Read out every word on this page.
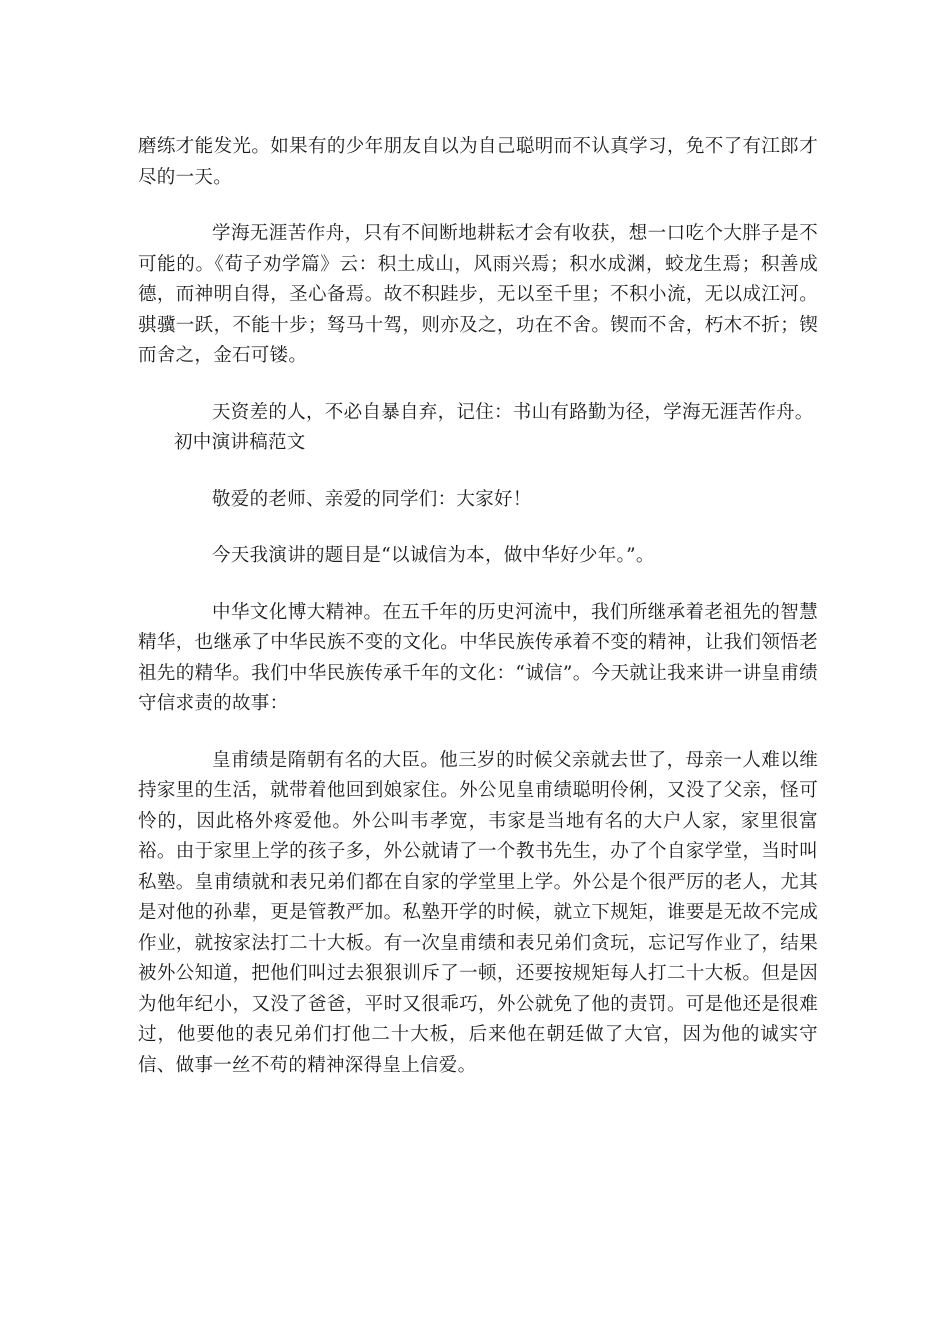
磨练才能发光。如果有的少年朋友自以为自己聪明而不认真学习，免不了有江郎才尽的一天。

学海无涯苦作舟，只有不间断地耕耘才会有收获，想一口吃个大胖子是不可能的。《荀子劝学篇》云：积土成山，风雨兴焉；积水成渊，蛟龙生焉；积善成德，而神明自得，圣心备焉。故不积跬步，无以至千里；不积小流，无以成江河。骐骥一跃，不能十步；驽马十驾，则亦及之，功在不舍。锲而不舍，朽木不折；锲而舍之，金石可镂。

天资差的人，不必自暴自弃，记住：书山有路勤为径，学海无涯苦作舟。

初中演讲稿范文

敬爱的老师、亲爱的同学们：大家好！

今天我演讲的题目是“以诚信为本，做中华好少年。”。

中华文化博大精神。在五千年的历史河流中，我们所继承着老祖先的智慧精华，也继承了中华民族不变的文化。中华民族传承着不变的精神，让我们领悟老祖先的精华。我们中华民族传承千年的文化：“诚信”。今天就让我来讲一讲皇甫绩守信求责的故事：

皇甫绩是隋朝有名的大臣。他三岁的时候父亲就去世了，母亲一人难以维持家里的生活，就带着他回到娘家住。外公见皇甫绩聪明伶俐，又没了父亲，怪可怜的，因此格外疼爱他。外公叫韦孝宽，韦家是当地有名的大户人家，家里很富裕。由于家里上学的孩子多，外公就请了一个教书先生，办了个自家学堂，当时叫私塾。皇甫绩就和表兄弟们都在自家的学堂里上学。外公是个很严厉的老人，尤其是对他的孙辈，更是管教严加。私塾开学的时候，就立下规矩，谁要是无故不完成作业，就按家法打二十大板。有一次皇甫绩和表兄弟们贪玩，忘记写作业了，结果被外公知道，把他们叫过去狠狠训斥了一顿，还要按规矩每人打二十大板。但是因为他年纪小，又没了爸爸，平时又很乖巧，外公就免了他的责罚。可是他还是很难过，他要他的表兄弟们打他二十大板，后来他在朝廷做了大官，因为他的诚实守信、做事一丝不苟的精神深得皇上信爱。
